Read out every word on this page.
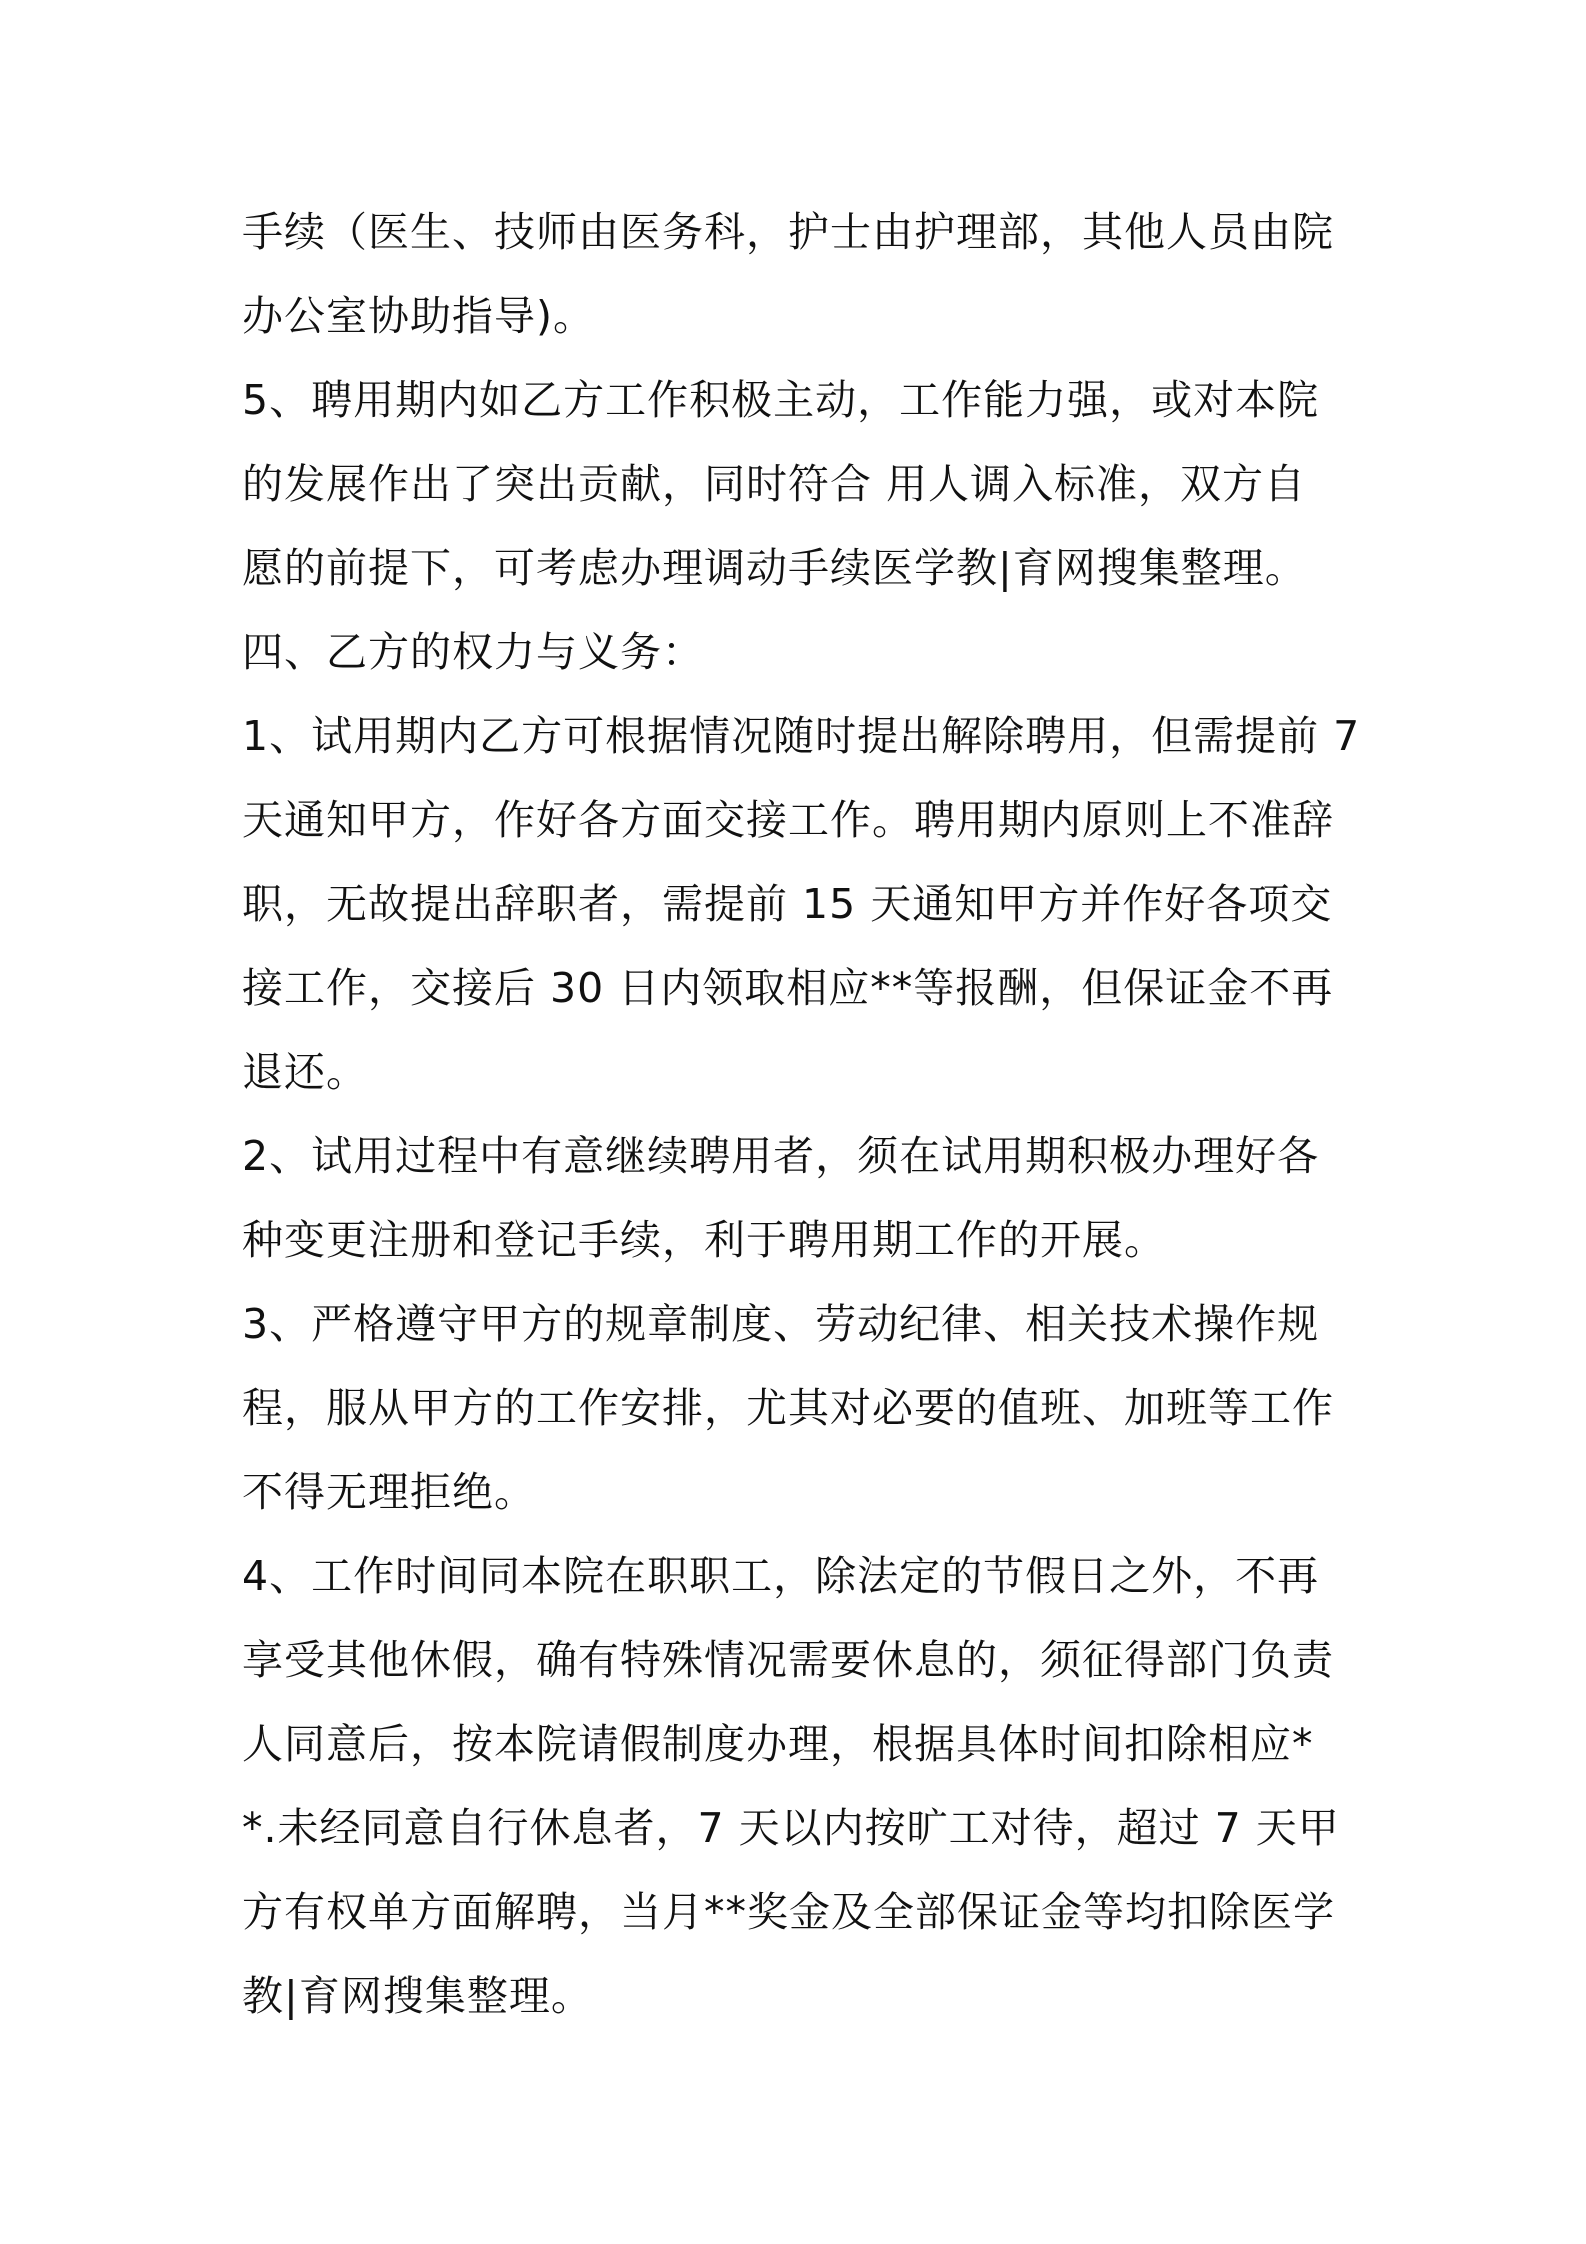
手续（医生、技师由医务科，护士由护理部，其他人员由院
办公室协助指导)。

5、聘用期内如乙方工作积极主动，工作能力强，或对本院
的发展作出了突出贡献，同时符合 用人调入标准，双方自
愿的前提下，可考虑办理调动手续医学教|育网搜集整理。

四、乙方的权力与义务：

1、试用期内乙方可根据情况随时提出解除聘用，但需提前 7
天通知甲方，作好各方面交接工作。聘用期内原则上不准辞
职，无故提出辞职者，需提前 15 天通知甲方并作好各项交
接工作，交接后 30 日内领取相应**等报酬，但保证金不再
退还。

2、试用过程中有意继续聘用者，须在试用期积极办理好各
种变更注册和登记手续，利于聘用期工作的开展。

3、严格遵守甲方的规章制度、劳动纪律、相关技术操作规
程，服从甲方的工作安排，尤其对必要的值班、加班等工作
不得无理拒绝。

4、工作时间同本院在职职工，除法定的节假日之外，不再
享受其他休假，确有特殊情况需要休息的，须征得部门负责
人同意后，按本院请假制度办理，根据具体时间扣除相应*
*.未经同意自行休息者，7 天以内按旷工对待，超过 7 天甲
方有权单方面解聘，当月**奖金及全部保证金等均扣除医学
教|育网搜集整理。
